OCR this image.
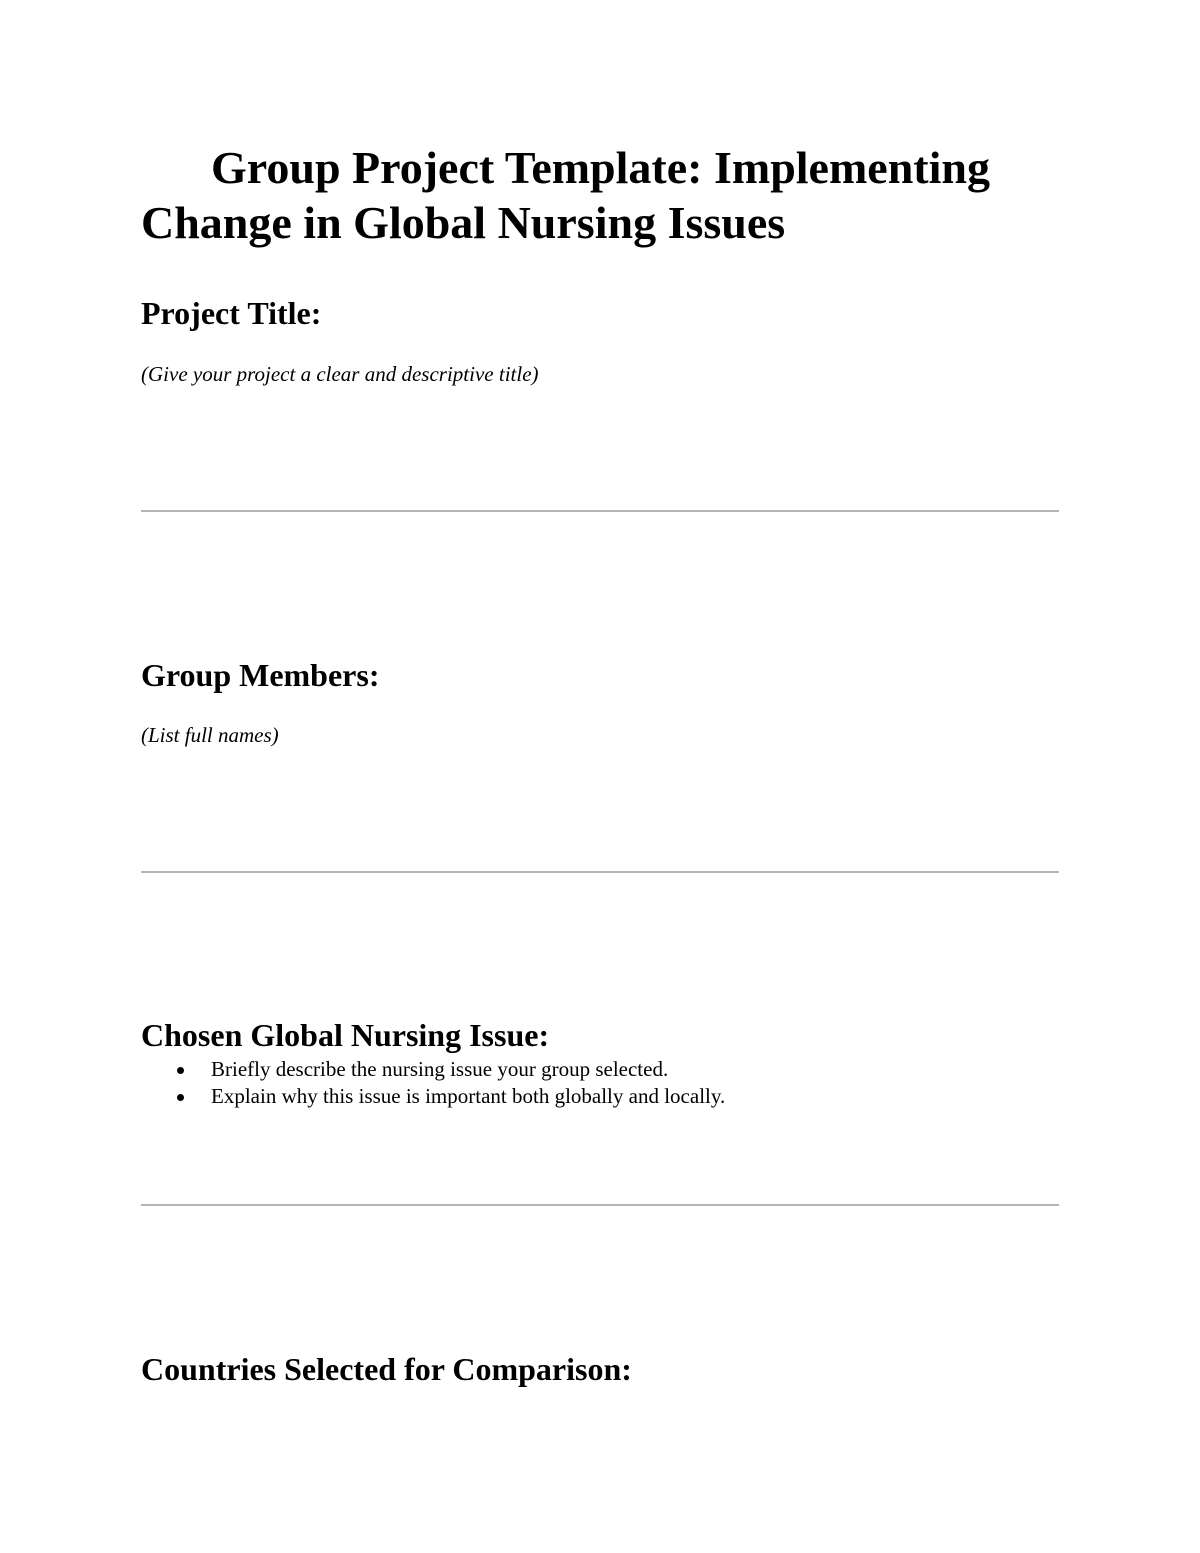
Group Project Template: Implementing Change in Global Nursing Issues
Project Title:

(Give your project a clear and descriptive title)

Group Members:

(List full names)

Chosen Global Nursing Issue:
Briefly describe the nursing issue your group selected.
Explain why this issue is important both globally and locally.
Countries Selected for Comparison:
